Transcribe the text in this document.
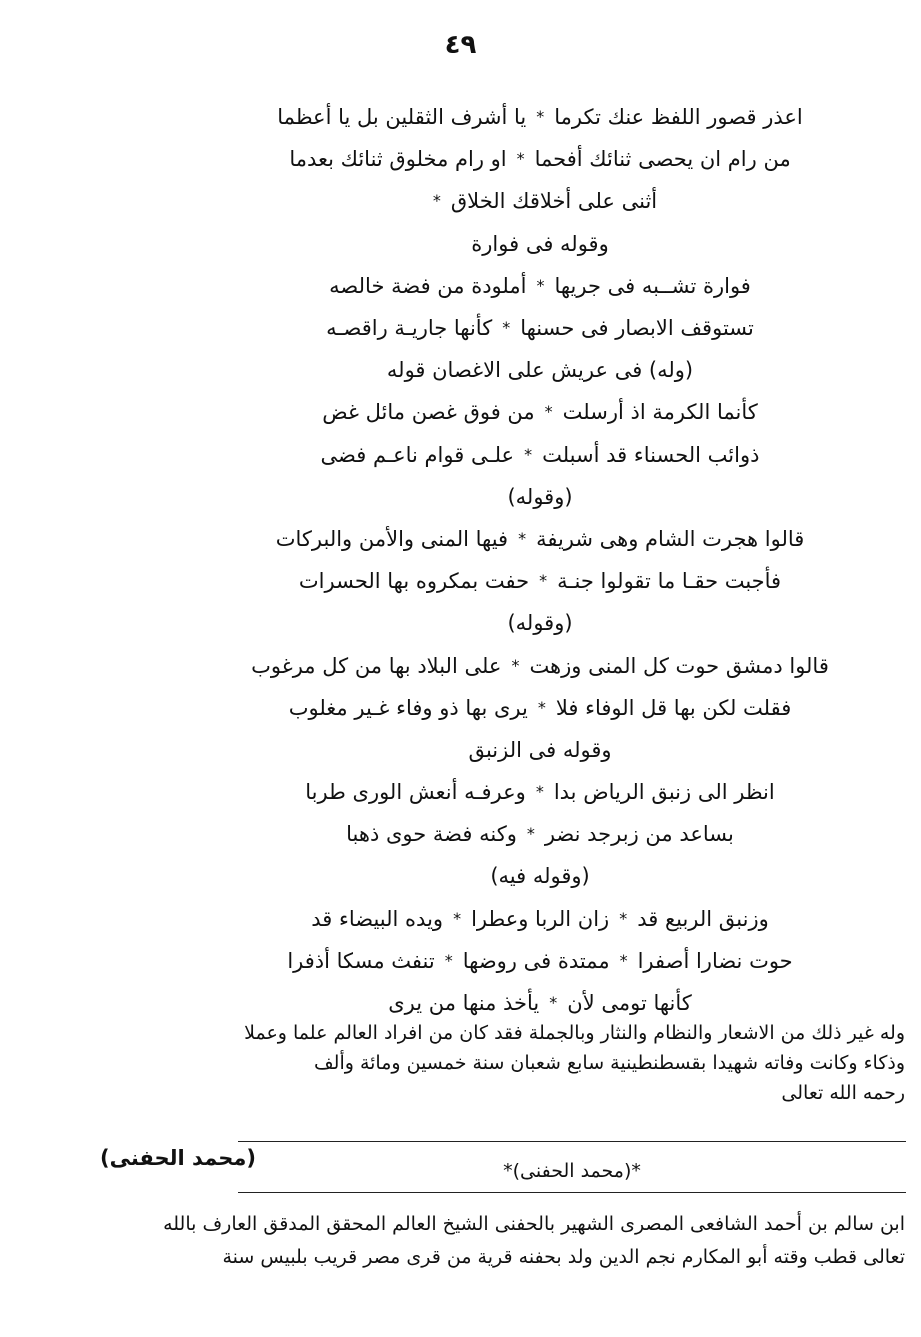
٤٩
اعذر قصور اللفظ عنك تكرما
*
يا أشرف الثقلين بل يا أعظما
من رام ان يحصى ثنائك أفحما
*
او رام مخلوق ثنائك بعدما
أثنى على أخلاقك الخلاق
*
وقوله فى فوارة
فوارة تشــبه فى جريها
*
أملودة من فضة خالصه
تستوقف الابصار فى حسنها
*
كأنها جاريـة راقصـه
(وله) فى عريش على الاغصان قوله
كأنما الكرمة اذ أرسلت
*
من فوق غصن مائل غض
ذوائب الحسناء قد أسبلت
*
علـى قوام ناعـم فضى
(وقوله)
قالوا هجرت الشام وهى شريفة
*
فيها المنى والأمن والبركات
فأجبت حقـا ما تقولوا جنـة
*
حفت بمكروه بها الحسرات
(وقوله)
قالوا دمشق حوت كل المنى وزهت
*
على البلاد بها من كل مرغوب
فقلت لكن بها قل الوفاء فلا
*
يرى بها ذو وفاء غـير مغلوب
وقوله فى الزنبق
انظر الى زنبق الرياض بدا
*
وعرفـه أنعش الورى طربا
بساعد من زبرجد نضر
*
وكنه فضة حوى ذهبا
(وقوله فيه)
وزنبق الربيع قد
*
زان الربا وعطرا
*
ويده البيضاء قد
حوت نضارا أصفرا
*
ممتدة فى روضها
*
تنفث مسكا أذفرا
كأنها تومى لأن
*
يأخذ منها من يرى
وله غير ذلك من الاشعار والنظام والنثار وبالجملة فقد كان من افراد العالم علما وعملا
وذكاء وكانت وفاته شهيدا بقسطنطينية سابع شعبان سنة خمسين ومائة وألف
رحمه الله تعالى
(محمد الحفنى)
*(محمد الحفنى)*
ابن سالم بن أحمد الشافعى المصرى الشهير بالحفنى الشيخ العالم المحقق المدقق العارف بالله
تعالى قطب وقته أبو المكارم نجم الدين ولد بحفنه قرية من قرى مصر قريب بلبيس سنة
